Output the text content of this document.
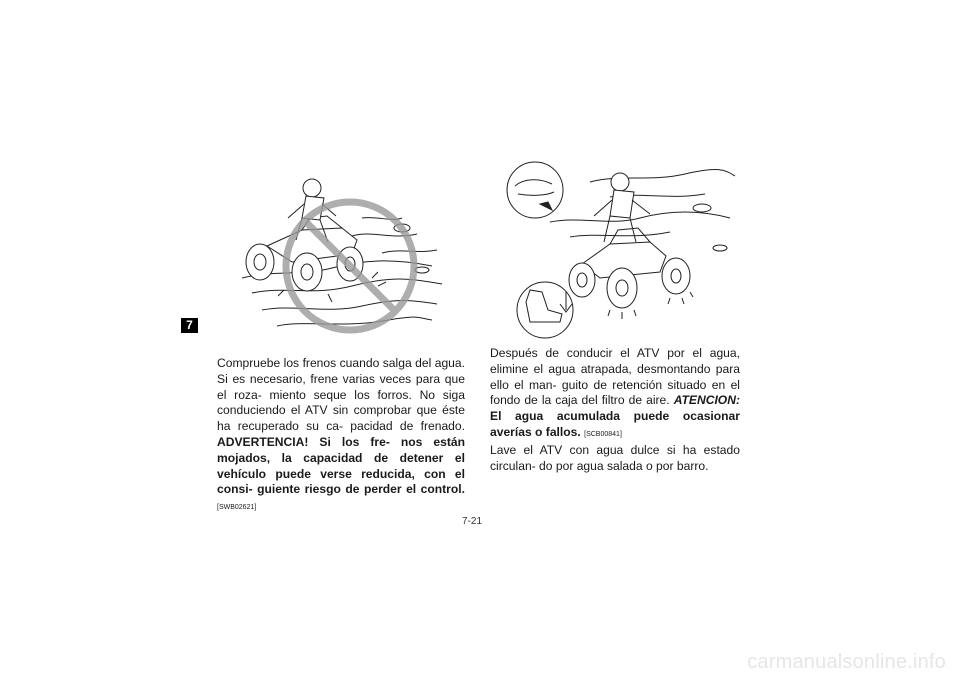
7

Compruebe los frenos cuando salga del agua. Si es necesario, frene varias veces para que el roza- miento seque los forros. No siga conduciendo el ATV sin comprobar que éste ha recuperado su ca- pacidad de frenado. ADVERTENCIA! Si los fre- nos están mojados, la capacidad de detener el vehículo puede verse reducida, con el consi- guiente riesgo de perder el control. [SWB02621]

Después de conducir el ATV por el agua, elimine el agua atrapada, desmontando para ello el man- guito de retención situado en el fondo de la caja del filtro de aire. ATENCION: El agua acumulada puede ocasionar averías o fallos. [SCB00841]

Lave el ATV con agua dulce si ha estado circulan- do por agua salada o por barro.

7-21
carmanualsonline.info
